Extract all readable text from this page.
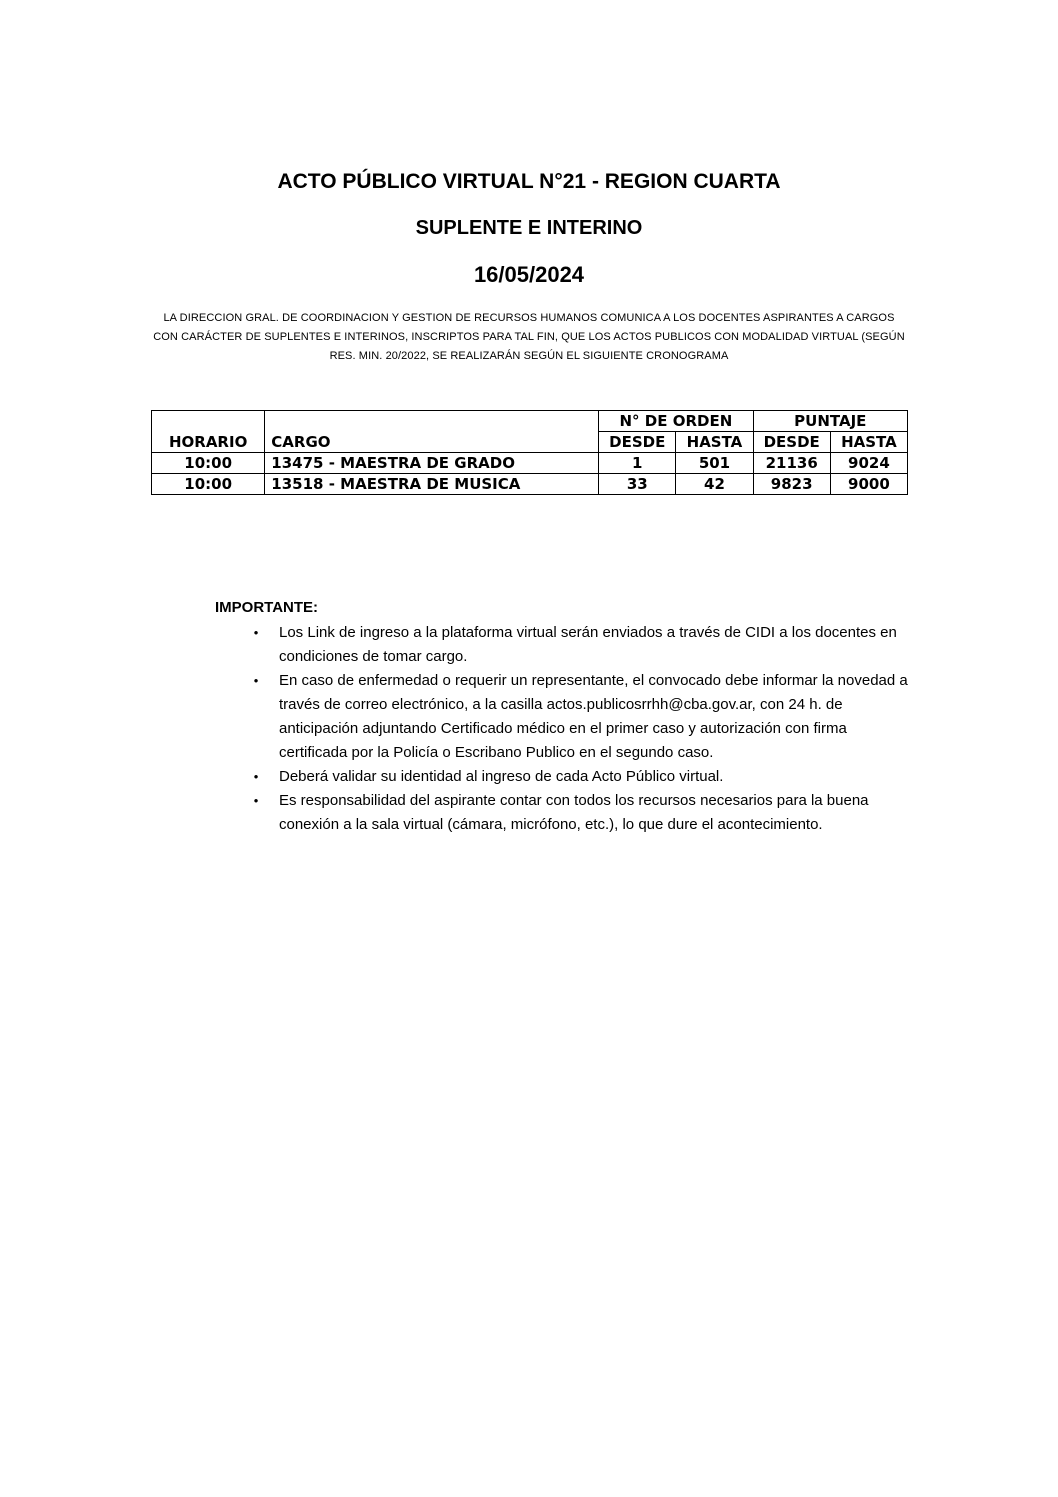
ACTO PÚBLICO VIRTUAL N°21 - REGION CUARTA
SUPLENTE E INTERINO
16/05/2024
LA DIRECCION GRAL. DE COORDINACION Y GESTION DE RECURSOS HUMANOS COMUNICA A LOS DOCENTES ASPIRANTES A CARGOS CON CARÁCTER DE SUPLENTES E INTERINOS, INSCRIPTOS PARA TAL FIN, QUE LOS ACTOS PUBLICOS CON MODALIDAD VIRTUAL (SEGÚN RES. MIN. 20/2022, SE REALIZARÁN SEGÚN EL SIGUIENTE CRONOGRAMA
HORARIO	CARGO	N° DE ORDEN		PUNTAJE	
		DESDE	HASTA	DESDE	HASTA
10:00	13475 - MAESTRA DE GRADO	1	501	21136	9024
10:00	13518 - MAESTRA DE MUSICA	33	42	9823	9000
IMPORTANTE:
• Los Link de ingreso a la plataforma virtual serán enviados a través de CIDI a los docentes en condiciones de tomar cargo.
• En caso de enfermedad o requerir un representante, el convocado debe informar la novedad a través de correo electrónico, a la casilla actos.publicosrrhh@cba.gov.ar, con 24 h. de anticipación adjuntando Certificado médico en el primer caso y autorización con firma certificada por la Policía o Escribano Publico en el segundo caso.
• Deberá validar su identidad al ingreso de cada Acto Público virtual.
• Es responsabilidad del aspirante contar con todos los recursos necesarios para la buena conexión a la sala virtual (cámara, micrófono, etc.), lo que dure el acontecimiento.
